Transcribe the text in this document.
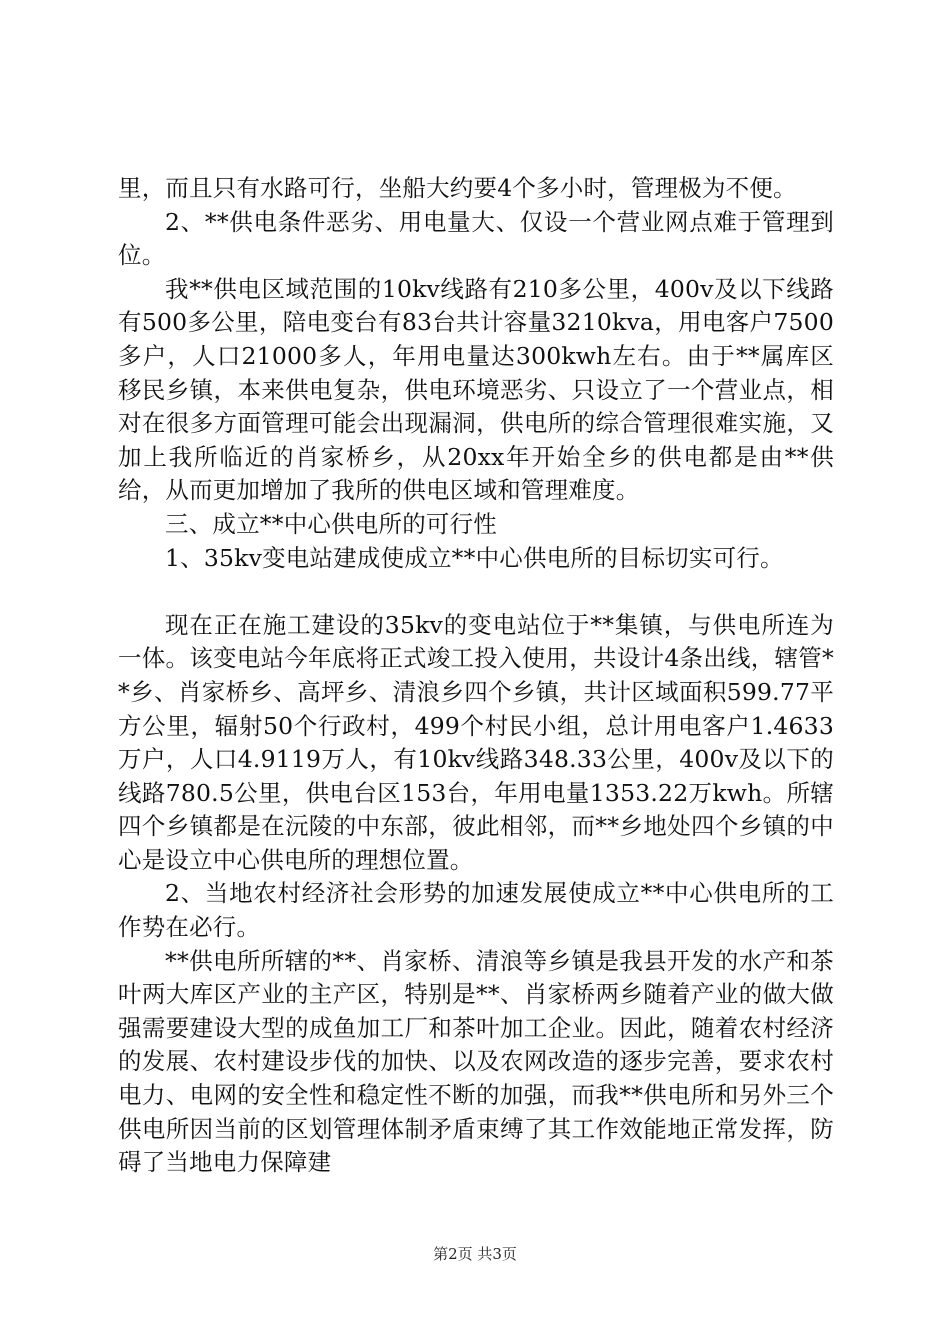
里，而且只有水路可行，坐船大约要4个多小时，管理极为不便。

2、**供电条件恶劣、用电量大、仅设一个营业网点难于管理到位。

我**供电区域范围的10kv线路有210多公里，400v及以下线路有500多公里，陪电变台有83台共计容量3210kva，用电客户7500多户，人口21000多人，年用电量达300kwh左右。由于**属库区移民乡镇，本来供电复杂，供电环境恶劣、只设立了一个营业点，相对在很多方面管理可能会出现漏洞，供电所的综合管理很难实施，又加上我所临近的肖家桥乡，从20xx年开始全乡的供电都是由**供给，从而更加增加了我所的供电区域和管理难度。

三、成立**中心供电所的可行性

1、35kv变电站建成使成立**中心供电所的目标切实可行。

现在正在施工建设的35kv的变电站位于**集镇，与供电所连为一体。该变电站今年底将正式竣工投入使用，共设计4条出线，辖管**乡、肖家桥乡、高坪乡、清浪乡四个乡镇，共计区域面积599.77平方公里，辐射50个行政村，499个村民小组，总计用电客户1.4633万户，人口4.9119万人，有10kv线路348.33公里，400v及以下的线路780.5公里，供电台区153台，年用电量1353.22万kwh。所辖四个乡镇都是在沅陵的中东部，彼此相邻，而**乡地处四个乡镇的中心是设立中心供电所的理想位置。

2、当地农村经济社会形势的加速发展使成立**中心供电所的工作势在必行。

**供电所所辖的**、肖家桥、清浪等乡镇是我县开发的水产和茶叶两大库区产业的主产区，特别是**、肖家桥两乡随着产业的做大做强需要建设大型的成鱼加工厂和茶叶加工企业。因此，随着农村经济的发展、农村建设步伐的加快、以及农网改造的逐步完善，要求农村电力、电网的安全性和稳定性不断的加强，而我**供电所和另外三个供电所因当前的区划管理体制矛盾束缚了其工作效能地正常发挥，防碍了当地电力保障建

第2页 共3页
